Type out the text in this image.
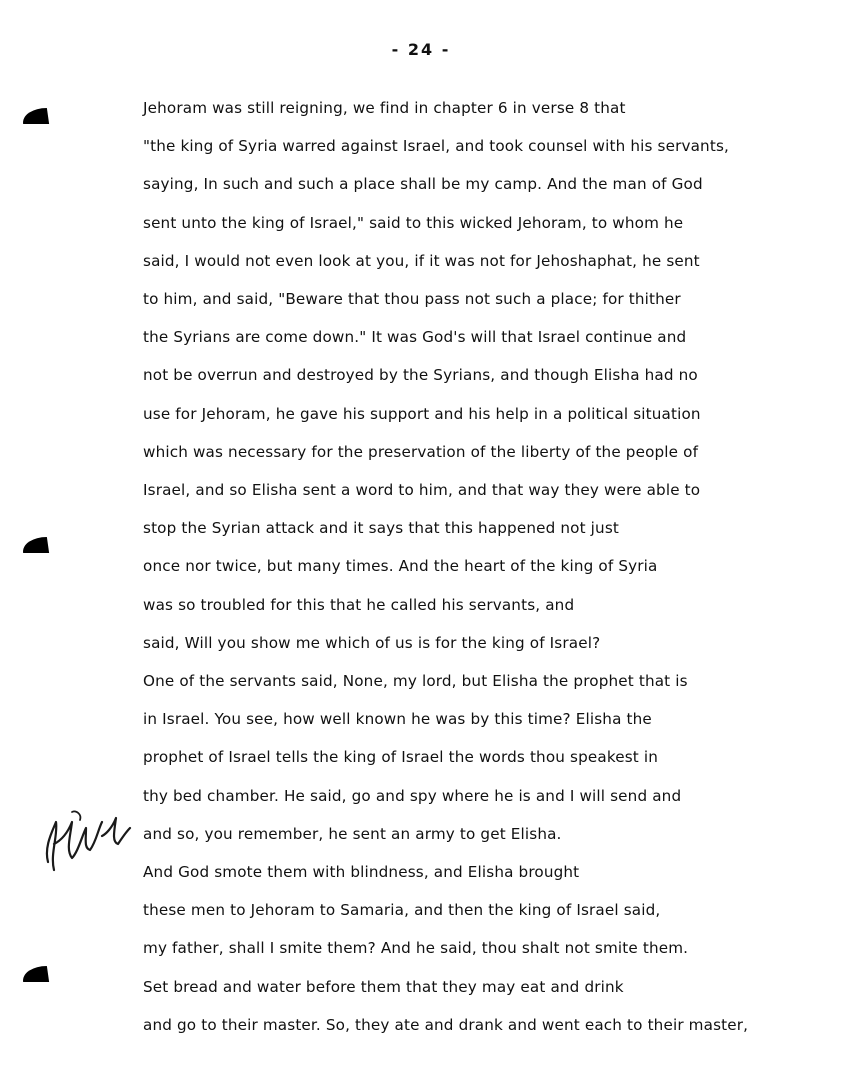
- 24 -
Jehoram was still reigning, we find in chapter 6 in verse 8 that
"the king of Syria warred against Israel, and took counsel with his servants,
saying, In such and such a place shall be my camp. And the man of God
sent unto the king of Israel," said to this wicked Jehoram, to whom he
said, I would not even look at you, if it was not for Jehoshaphat, he sent
to him, and said, "Beware that thou pass not such a place; for thither
the Syrians are come down." It was God's will that Israel continue and
not be overrun and destroyed by the Syrians, and though Elisha had no
use for Jehoram, he gave his support and his help in a political situation
which was necessary for the preservation of the liberty of the people of
Israel, and so Elisha sent a word to him, and that way they were able to
stop the Syrian attack and it says that this happened not just
once nor twice, but many times. And the heart of the king of Syria
was so troubled for this that he called his servants, and
said, Will you show me which of us is for the king of Israel?
One of the servants said, None, my lord, but Elisha the prophet that is
in Israel. You see, how well known he was by this time? Elisha the
prophet of Israel tells the king of Israel the words thou speakest in
thy bed chamber. He said, go and spy where he is and I will send and
and so, you remember, he sent an army to get Elisha.
And God smote them with blindness, and Elisha brought
these men to Jehoram to Samaria, and then the king of Israel said,
my father, shall I smite them? And he said, thou shalt not smite them.
Set bread and water before them that they may eat and drink
and go to their master. So, they ate and drank and went each to their master,
